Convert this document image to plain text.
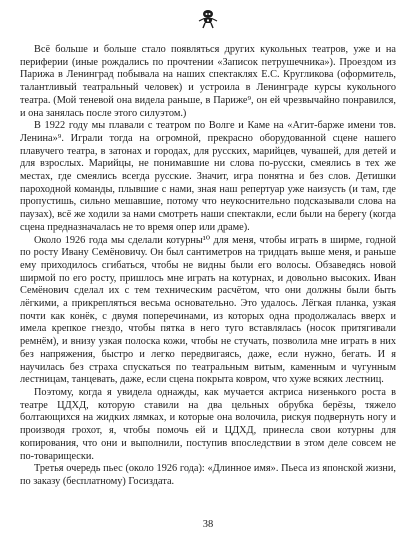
Всё больше и больше стало появляться других кукольных театров, уже и на периферии (иные рождались по прочтении «Записок петрушечника»). Проездом из Парижа в Ленинград побывала на наших спектаклях Е.С. Кругликова (оформитель, талантливый театральный человек) и устроила в Ленинграде курсы кукольного театра. (Мой теневой она видела раньше, в Париже⁹, он ей чрезвычайно понравился, и она занялась после этого силуэтом.)

В 1922 году мы плавали с театром по Волге и Каме на «Агит-барже имени тов. Ленина»⁹. Играли тогда на огромной, прекрасно оборудованной сцене нашего плавучего театра, в затонах и городах, для русских, марийцев, чувашей, для детей и для взрослых. Марийцы, не понимавшие ни слова по-русски, смеялись в тех же местах, где смеялись всегда русские. Значит, игра понятна и без слов. Детишки пароходной команды, плывшие с нами, зная наш репертуар уже наизусть (и там, где пропустишь, сильно мешавшие, потому что неукоснительно подсказывали слова на паузах), всё же ходили за нами смотреть наши спектакли, если были на берегу (когда сцена предназначалась не то время опер или драме).

Около 1926 года мы сделали котурны¹⁰ для меня, чтобы играть в ширме, годной по росту Ивану Семёновичу. Он был сантиметров на тридцать выше меня, и раньше ему приходилось сгибаться, чтобы не видны были его волосы. Обзаведясь новой ширмой по его росту, пришлось мне играть на котурнах, и довольно высоких. Иван Семёнович сделал их с тем техническим расчётом, что они должны были быть лёгкими, а прикрепляться весьма основательно. Это удалось. Лёгкая планка, узкая почти как конёк, с двумя поперечинами, из которых одна продолжалась вверх и имела крепкое гнездо, чтобы пятка в него туго вставлялась (носок притягивали ремнём), и внизу узкая полоска кожи, чтобы не стучать, позволила мне играть в них без напряжения, быстро и легко передвигаясь, даже, если нужно, бегать. И я научилась без страха спускаться по театральным витым, каменным и чугунным лестницам, танцевать, даже, если сцена покрыта ковром, что хуже всяких лестниц.

Поэтому, когда я увидела однажды, как мучается актриса низенького роста в театре ЦДХД, которую ставили на два цельных обрубка берёзы, тяжело болтающихся на жидких лямках, и которые она волочила, рискуя подвернуть ногу и производя грохот, я, чтобы помочь ей и ЦДХД, принесла свои котурны для копирования, что они и выполнили, поступив впоследствии в этом деле совсем не по-товарищески.

Третья очередь пьес (около 1926 года): «Длинное имя». Пьеса из японской жизни, по заказу (бесплатному) Госиздата.

38
